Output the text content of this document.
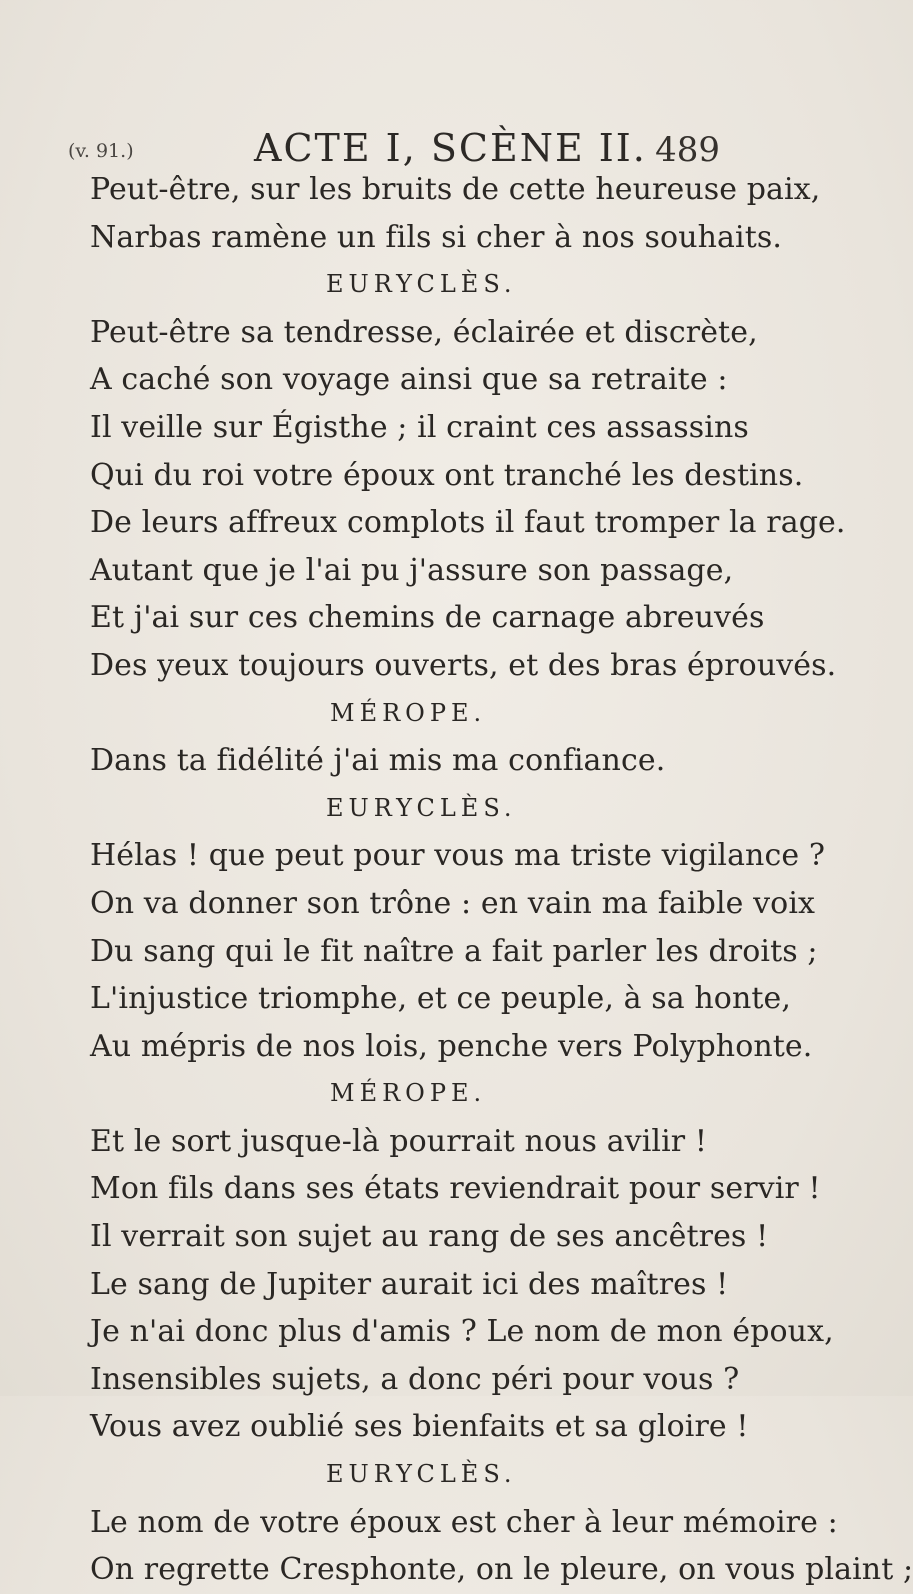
(v. 91.)	ACTE I, SCÈNE II. 489
Peut-être, sur les bruits de cette heureuse paix,
Narbas ramène un fils si cher à nos souhaits.
EURYCLÈS.
Peut-être sa tendresse, éclairée et discrète,
A caché son voyage ainsi que sa retraite :
Il veille sur Égisthe ; il craint ces assassins
Qui du roi votre époux ont tranché les destins.
De leurs affreux complots il faut tromper la rage.
Autant que je l'ai pu j'assure son passage,
Et j'ai sur ces chemins de carnage abreuvés
Des yeux toujours ouverts, et des bras éprouvés.
MÉROPE.
Dans ta fidélité j'ai mis ma confiance.
EURYCLÈS.
Hélas ! que peut pour vous ma triste vigilance ?
On va donner son trône : en vain ma faible voix
Du sang qui le fit naître a fait parler les droits ;
L'injustice triomphe, et ce peuple, à sa honte,
Au mépris de nos lois, penche vers Polyphonte.
MÉROPE.
Et le sort jusque-là pourrait nous avilir !
Mon fils dans ses états reviendrait pour servir !
Il verrait son sujet au rang de ses ancêtres !
Le sang de Jupiter aurait ici des maîtres !
Je n'ai donc plus d'amis ? Le nom de mon époux,
Insensibles sujets, a donc péri pour vous ?
Vous avez oublié ses bienfaits et sa gloire !
EURYCLÈS.
Le nom de votre époux est cher à leur mémoire :
On regrette Cresphonte, on le pleure, on vous plaint ;
